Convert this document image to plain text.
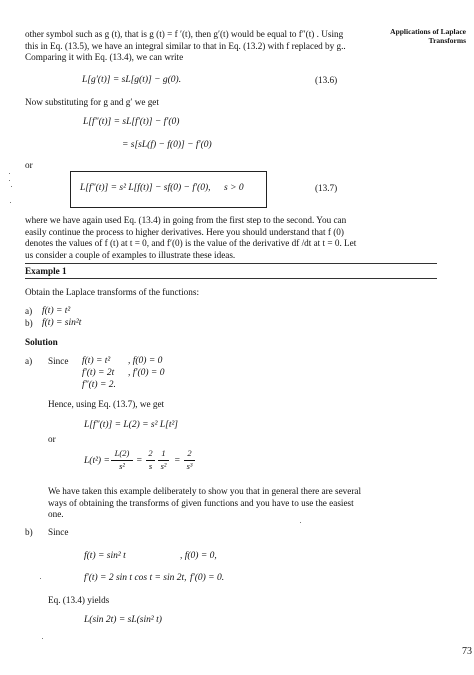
Applications of Laplace
Transforms
other symbol such as g (t), that is g (t) = f ′(t), then g′(t) would be equal to f″(t) . Using
this in Eq. (13.5), we have an integral similar to that in Eq. (13.2) with f replaced by g..
Comparing it with Eq. (13.4), we can write
L[g′(t)] = sL[g(t)] − g(0).	(13.6)
Now substituting for g and g′ we get
L[f″(t)] = sL[f′(t)] − f′(0)
= s[sL(f) − f(0)] − f′(0)
or
L[f″(t)] = s² L[f(t)] − sf(0) − f′(0), s > 0	(13.7)
where we have again used Eq. (13.4) in going from the first step to the second. You can
easily continue the process to higher derivatives. Here you should understand that f (0)
denotes the values of f (t) at t = 0, and f′(0) is the value of the derivative df /dt at t = 0. Let
us consider a couple of examples to illustrate these ideas.
Example 1
Obtain the Laplace transforms of the functions:
a) f(t) = t²
b) f(t) = sin²t
Solution
a) Since f(t) = t² , f(0) = 0
f′(t) = 2t , f′(0) = 0
f″(t) = 2.
Hence, using Eq. (13.7), we get
L[f″(t)] = L(2) = s² L[t²]
or
L(t²) =
L(2)
s²	=
2
s
1
s² =
2
s³
We have taken this example deliberately to show you that in general there are several
ways of obtaining the transforms of given functions and you have to use the easiest
one.
b) Since
f(t) = sin² t	, f(0) = 0,
f′(t) = 2 sin t cos t = sin 2t, f′(0) = 0.
Eq. (13.4) yields
L(sin 2t) = sL(sin² t)
73
